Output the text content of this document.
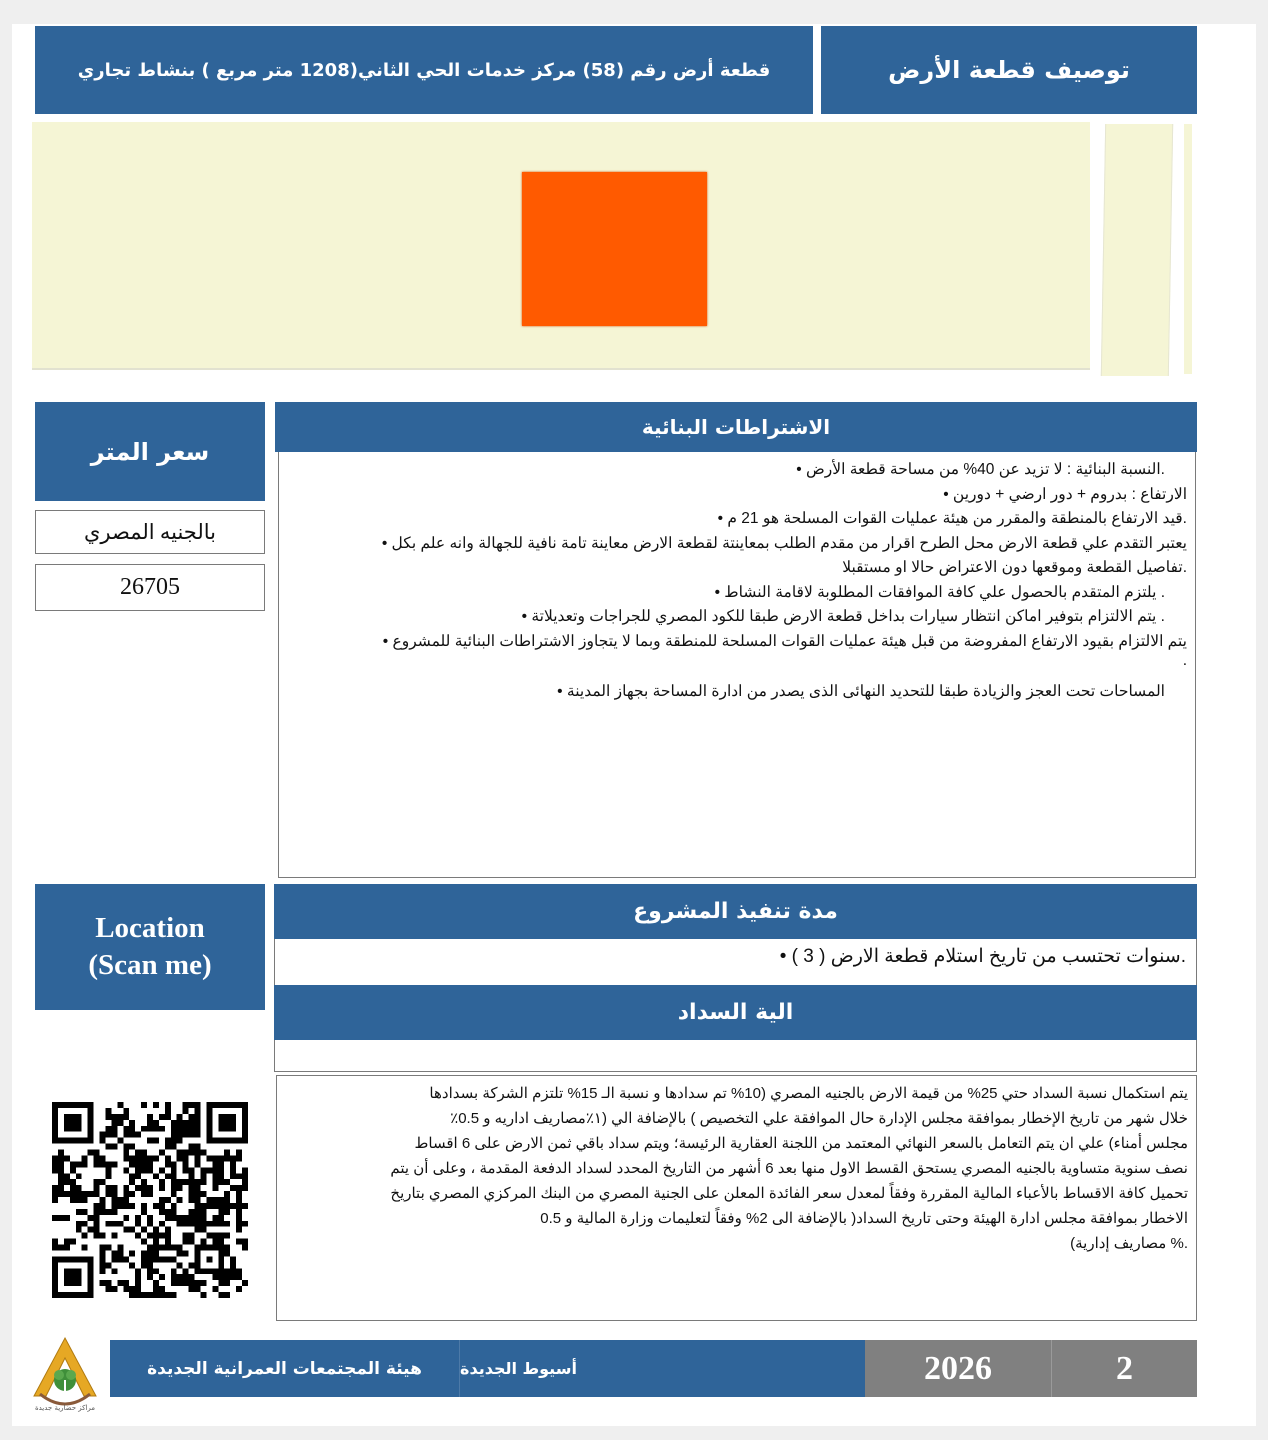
قطعة أرض رقم (58) مركز خدمات الحي الثاني(1208 متر مربع ) بنشاط تجاري	توصيف قطعة الأرض
سعر المتر
بالجنيه المصري
26705
الاشتراطات البنائية

.النسبة البنائية : لا تزيد عن 40% من مساحة قطعة الأرض •

الارتفاع : بدروم + دور ارضي + دورين •

.قيد الارتفاع بالمنطقة والمقرر من هيئة عمليات القوات المسلحة هو 21 م •

يعتبر التقدم علي قطعة الارض محل الطرح اقرار من مقدم الطلب بمعاينتة لقطعة الارض معاينة تامة نافية للجهالة وانه علم بكل •

.تفاصيل القطعة وموقعها دون الاعتراض حالا او مستقبلا

. يلتزم المتقدم بالحصول علي كافة الموافقات المطلوبة لاقامة النشاط •

. يتم الالتزام بتوفير اماكن انتظار سيارات بداخل قطعة الارض طبقا للكود المصري للجراجات وتعديلاتة •

يتم الالتزام بقيود الارتفاع المفروضة من قبل هيئة عمليات القوات المسلحة للمنطقة وبما لا يتجاوز الاشتراطات البنائية للمشروع •

.

المساحات تحت العجز والزيادة طبقا للتحديد النهائى الذى يصدر من ادارة المساحة بجهاز المدينة •

Location
(Scan me)
مدة تنفيذ المشروع
.سنوات تحتسب من تاريخ استلام قطعة الارض ( 3 ) •
الية السداد

يتم استكمال نسبة السداد حتي 25% من قيمة الارض بالجنيه المصري (10% تم سدادها و نسبة الـ 15% تلتزم الشركة بسدادها

خلال شهر من تاريخ الإخطار بموافقة مجلس الإدارة حال الموافقة علي التخصيص ) بالإضافة الي (١٪مصاريف اداريه و 0.5٪

مجلس أمناء) علي ان يتم التعامل بالسعر النهائي المعتمد من اللجنة العقارية الرئيسة؛ ويتم سداد باقي ثمن الارض على 6 اقساط

نصف سنوية متساوية بالجنيه المصري يستحق القسط الاول منها بعد 6 أشهر من التاريخ المحدد لسداد الدفعة المقدمة ، وعلى أن يتم

تحميل كافة الاقساط بالأعباء المالية المقررة وفقاً لمعدل سعر الفائدة المعلن على الجنية المصري من البنك المركزي المصري بتاريخ

الاخطار بموافقة مجلس ادارة الهيئة وحتى تاريخ السداد( بالإضافة الى 2% وفقاً لتعليمات وزارة المالية و 0.5

.% مصاريف إدارية)

مراكز حضارية جديدة
هيئة المجتمعات العمرانية الجديدة أسيوط الجديدة	2026	2
